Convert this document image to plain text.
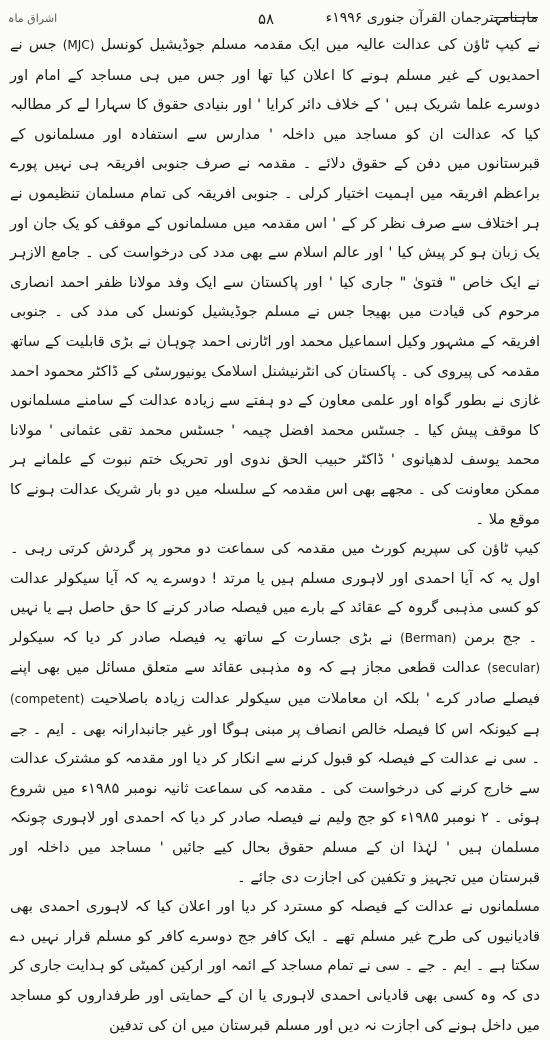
اشراق ماہ	۵۸	ماہنامہترجمان القرآن جنوری ۱۹۹۶ء

نے کیپ ٹاؤن کی عدالت عالیہ میں ایک مقدمہ مسلم جوڈیشیل کونسل (MJC) جس نے احمدیوں کے غیر مسلم ہونے کا اعلان کیا تھا اور جس میں ہی مساجد کے امام اور دوسرے علما شریک ہیں ' کے خلاف دائر کرایا ' اور بنیادی حقوق کا سہارا لے کر مطالبہ کیا کہ عدالت ان کو مساجد میں داخلہ ' مدارس سے استفادہ اور مسلمانوں کے قبرستانوں میں دفن کے حقوق دلائے ۔ مقدمہ نے صرف جنوبی افریقہ ہی نہیں پورے براعظم افریقہ میں اہمیت اختیار کرلی ۔ جنوبی افریقہ کی تمام مسلمان تنظیموں نے ہر اختلاف سے صرف نظر کر کے ' اس مقدمہ میں مسلمانوں کے موقف کو یک جان اور یک زبان ہو کر پیش کیا ' اور عالم اسلام سے بھی مدد کی درخواست کی ۔ جامع الازہر نے ایک خاص " فتویٰ " جاری کیا ' اور پاکستان سے ایک وفد مولانا ظفر احمد انصاری مرحوم کی قیادت میں بھیجا جس نے مسلم جوڈیشیل کونسل کی مدد کی ۔ جنوبی افریقہ کے مشہور وکیل اسماعیل محمد اور اٹارنی احمد چوہان نے بڑی قابلیت کے ساتھ مقدمہ کی پیروی کی ۔ پاکستان کی انٹرنیشنل اسلامک یونیورسٹی کے ڈاکٹر محمود احمد غازی نے بطور گواہ اور علمی معاون کے دو ہفتے سے زیادہ عدالت کے سامنے مسلمانوں کا موقف پیش کیا ۔ جسٹس محمد افضل چیمہ ' جسٹس محمد تقی عثمانی ' مولانا محمد یوسف لدھیانوی ' ڈاکٹر حبیب الحق ندوی اور تحریک ختم نبوت کے علمانے ہر ممکن معاونت کی ۔ مجھے بھی اس مقدمہ کے سلسلہ میں دو بار شریک عدالت ہونے کا موقع ملا ۔

کیپ ٹاؤن کی سپریم کورٹ میں مقدمہ کی سماعت دو محور پر گردش کرتی رہی ۔ اول یہ کہ آیا احمدی اور لاہوری مسلم ہیں یا مرتد ! دوسرے یہ کہ آیا سیکولر عدالت کو کسی مذہبی گروہ کے عقائد کے بارے میں فیصلہ صادر کرنے کا حق حاصل ہے یا نہیں ۔ جج برمن (Berman) نے بڑی جسارت کے ساتھ یہ فیصلہ صادر کر دیا کہ سیکولر (secular) عدالت قطعی مجاز ہے کہ وہ مذہبی عقائد سے متعلق مسائل میں بھی اپنے فیصلے صادر کرے ' بلکہ ان معاملات میں سیکولر عدالت زیادہ باصلاحیت (competent) ہے کیونکہ اس کا فیصلہ خالص انصاف پر مبنی ہوگا اور غیر جانبدارانہ بھی ۔ ایم ۔ جے ۔ سی نے عدالت کے فیصلہ کو قبول کرنے سے انکار کر دیا اور مقدمہ کو مشترک عدالت سے خارج کرنے کی درخواست کی ۔ مقدمہ کی سماعت ثانیہ نومبر ۱۹۸۵ء میں شروع ہوئی ۔ ۲ نومبر ۱۹۸۵ء کو جج ولیم نے فیصلہ صادر کر دیا کہ احمدی اور لاہوری چونکہ مسلمان ہیں ' لہٰذا ان کے مسلم حقوق بحال کیے جائیں ' مساجد میں داخلہ اور قبرستان میں تجہیز و تکفین کی اجازت دی جائے ۔

مسلمانوں نے عدالت کے فیصلہ کو مسترد کر دیا اور اعلان کیا کہ لاہوری احمدی بھی قادیانیوں کی طرح غیر مسلم تھے ۔ ایک کافر جج دوسرے کافر کو مسلم قرار نہیں دے سکتا ہے ۔ ایم ۔ جے ۔ سی نے تمام مساجد کے ائمہ اور ارکین کمیٹی کو ہدایت جاری کر دی کہ وہ کسی بھی قادیانی احمدی لاہوری یا ان کے حمایتی اور طرفداروں کو مساجد میں داخل ہونے کی اجازت نہ دیں اور مسلم قبرستان میں ان کی تدفین
